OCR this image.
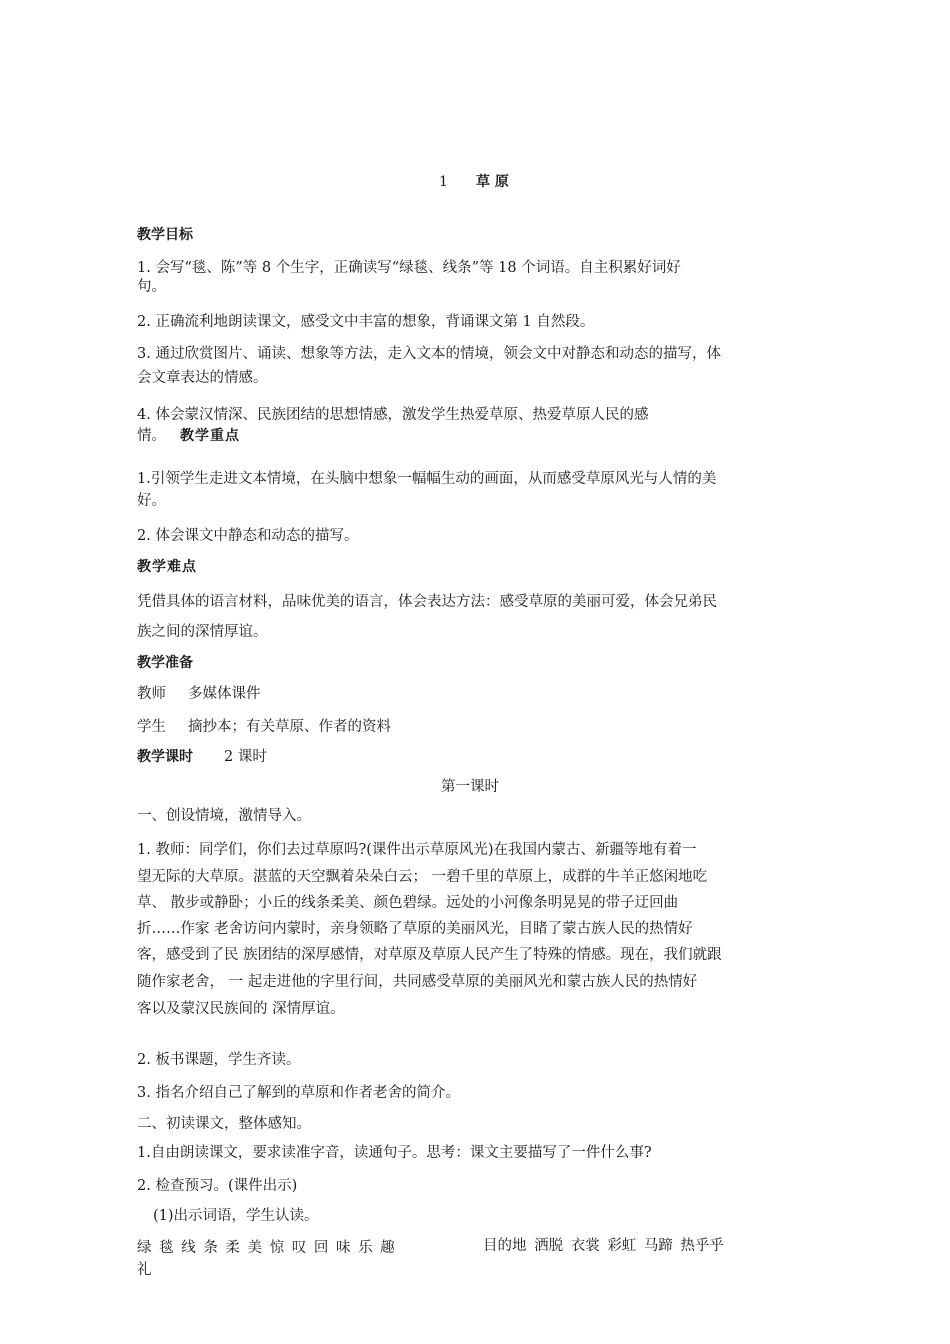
1 草 原
教学目标
1. 会写“毯、陈”等 8 个生字，正确读写“绿毯、线条”等 18 个词语。自主积累好词好
句。
2. 正确流利地朗读课文，感受文中丰富的想象，背诵课文第 1 自然段。
3. 通过欣赏图片、诵读、想象等方法，走入文本的情境，领会文中对静态和动态的描写，体
会文章表达的情感。
4. 体会蒙汉情深、民族团结的思想情感，激发学生热爱草原、热爱草原人民的感
情。 教学重点
1.引领学生走进文本情境，在头脑中想象一幅幅生动的画面，从而感受草原风光与人情的美
好。
2. 体会课文中静态和动态的描写。
教学难点
凭借具体的语言材料，品味优美的语言，体会表达方法：感受草原的美丽可爱，体会兄弟民
族之间的深情厚谊。
教学准备
教师 多媒体课件
学生 摘抄本；有关草原、作者的资料
教学课时 2 课时
第一课时
一、创设情境，激情导入。
1. 教师：同学们，你们去过草原吗?(课件出示草原风光)在我国内蒙古、新疆等地有着一
望无际的大草原。湛蓝的天空飘着朵朵白云； 一碧千里的草原上，成群的牛羊正悠闲地吃
草、 散步或静卧；小丘的线条柔美、颜色碧绿。远处的小河像条明晃晃的带子迂回曲
折……作家 老舍访问内蒙时，亲身领略了草原的美丽风光，目睹了蒙古族人民的热情好
客，感受到了民 族团结的深厚感情，对草原及草原人民产生了特殊的情感。现在，我们就跟
随作家老舍， 一 起走进他的字里行间，共同感受草原的美丽风光和蒙古族人民的热情好
客以及蒙汉民族间的 深情厚谊。
2. 板书课题，学生齐读。
3. 指名介绍自己了解到的草原和作者老舍的简介。
二、初读课文，整体感知。
1.自由朗读课文，要求读准字音，读通句子。思考：课文主要描写了一件什么事?
2. 检查预习。(课件出示)
(1)出示词语，学生认读。
绿 毯 线 条 柔 美 惊 叹 回 味 乐 趣	目的地 洒脱 衣裳 彩虹 马蹄 热乎乎
礼
